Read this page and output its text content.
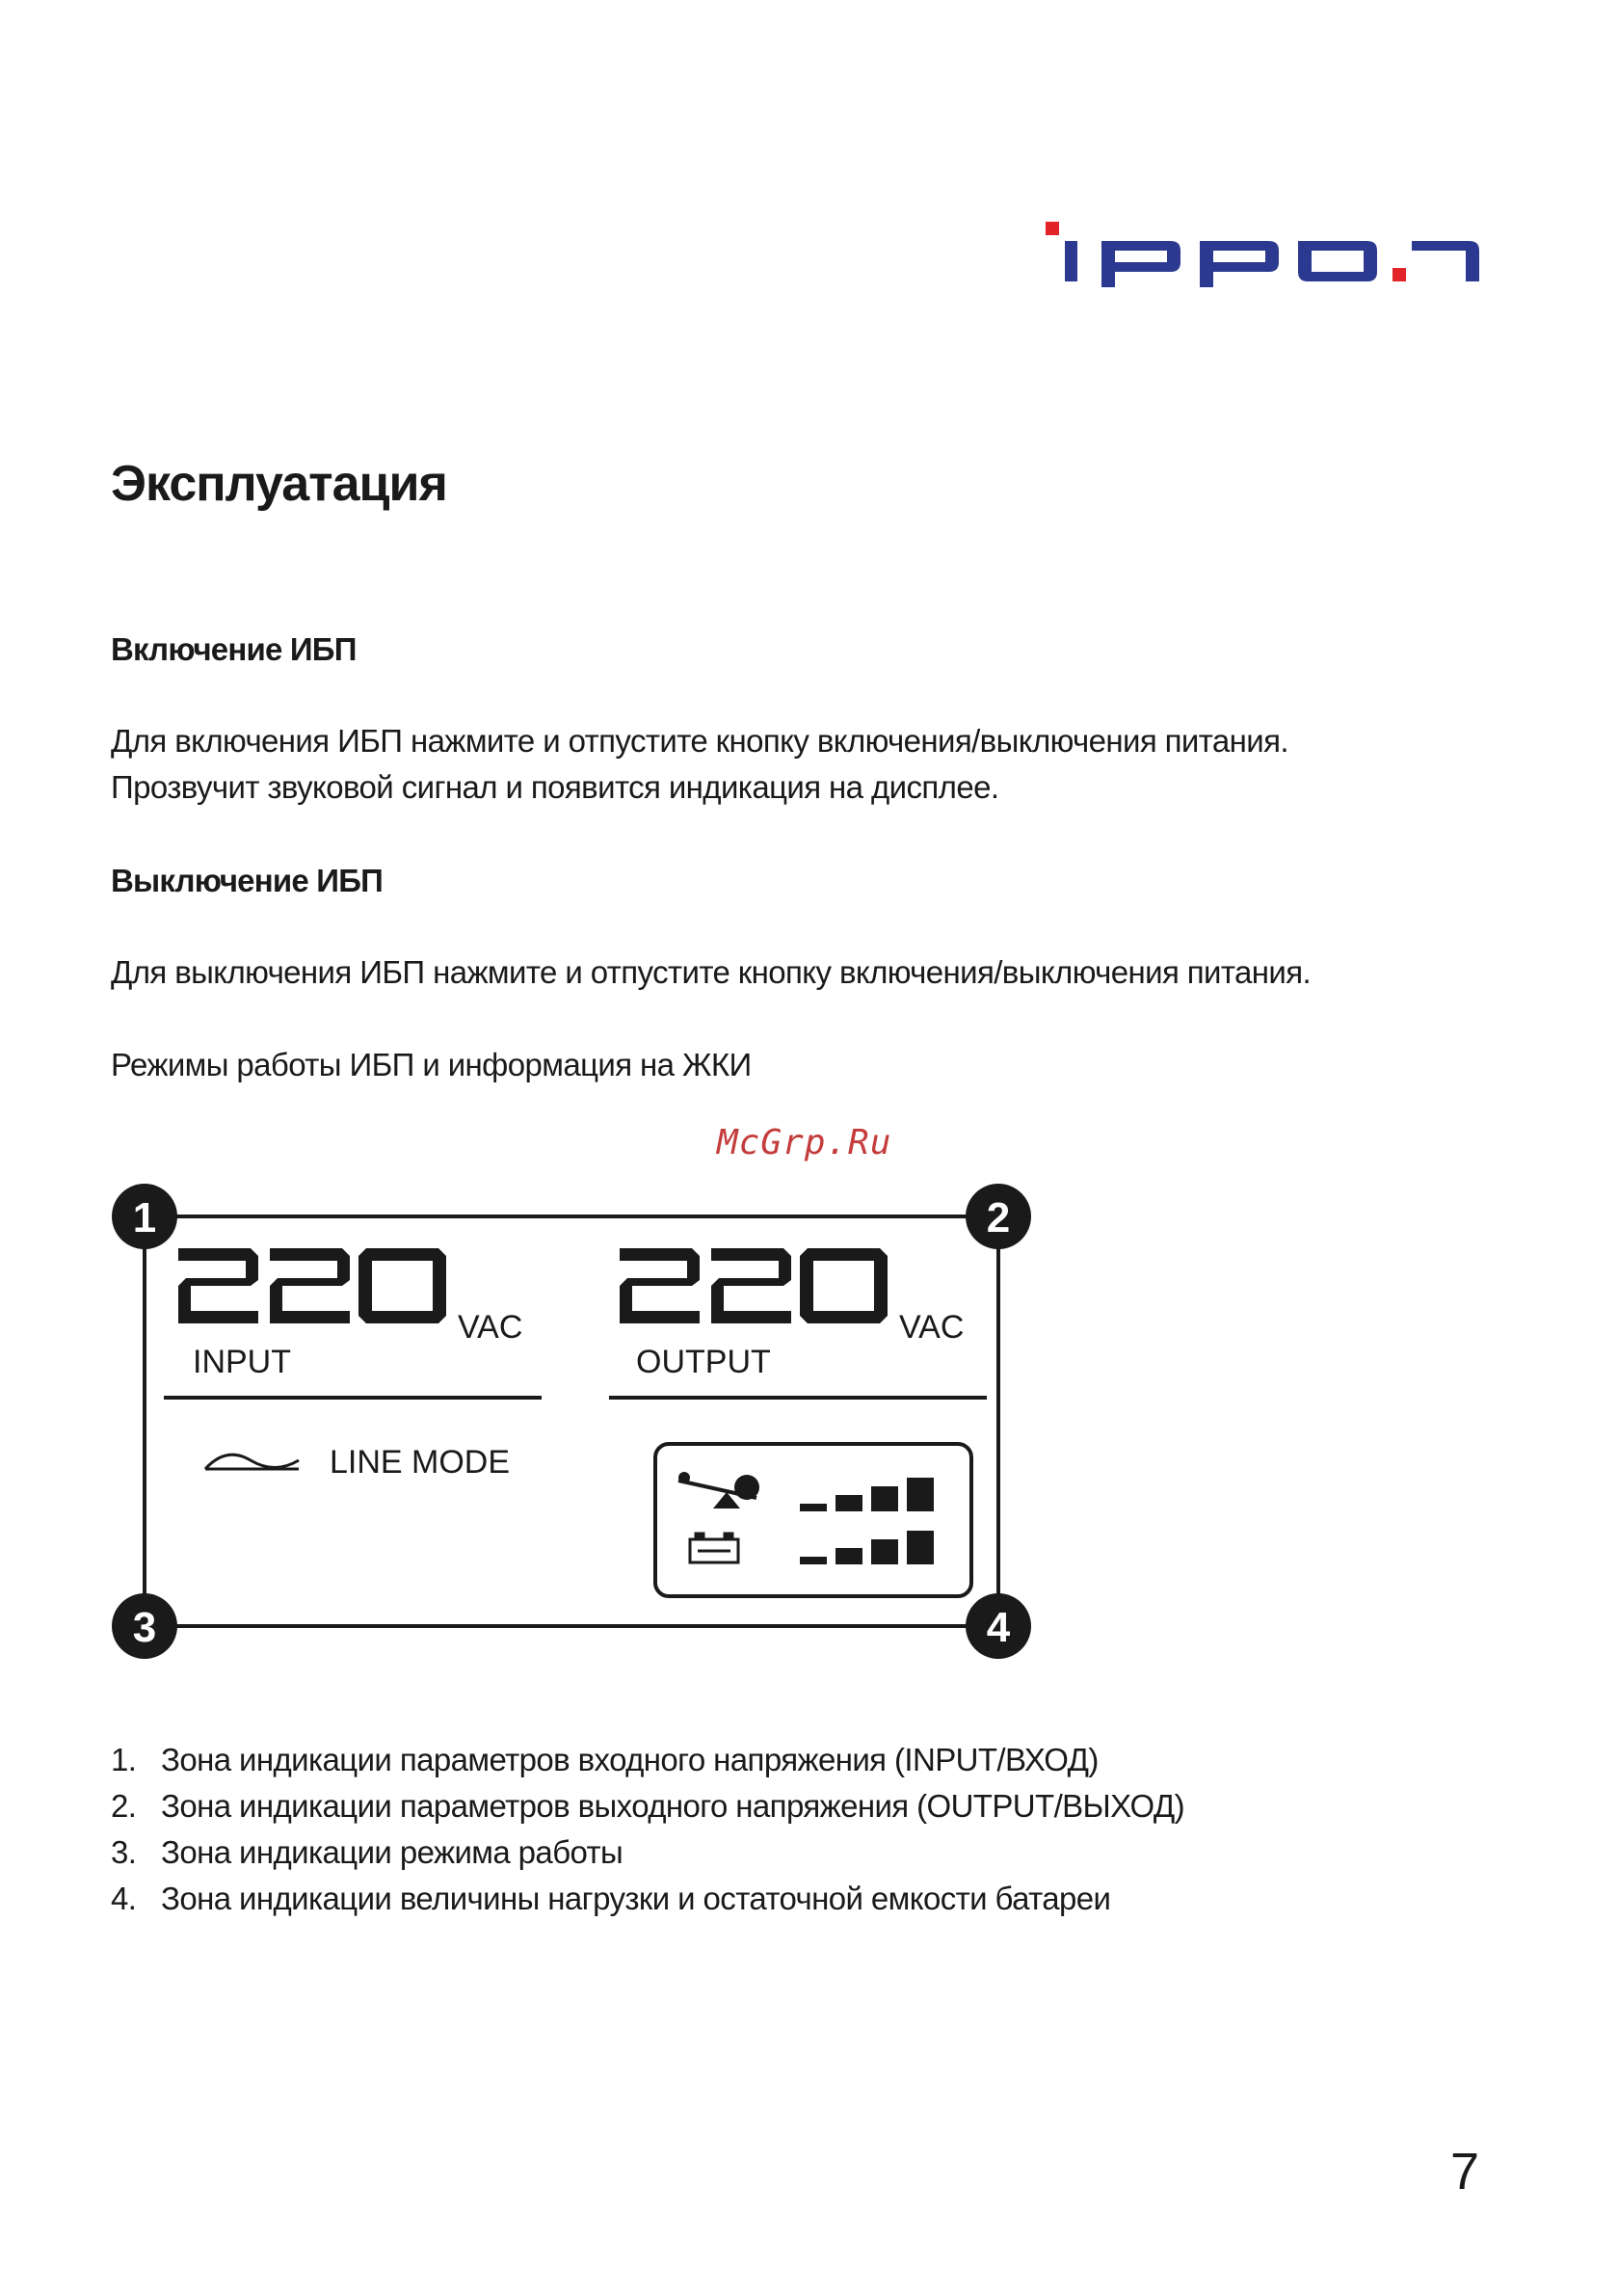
Эксплуатация
Включение ИБП

Для включения ИБП нажмите и отпустите кнопку включения/выключения питания. Прозвучит звуковой сигнал и появится индикация на дисплее.

Выключение ИБП

Для выключения ИБП нажмите и отпустите кнопку включения/выключения питания.

Режимы работы ИБП и информация на ЖКИ

McGrp.Ru
VAC
INPUT
VAC
OUTPUT
LINE MODE
1	2
3	4
1. Зона индикации параметров входного напряжения (INPUT/ВХОД)
2. Зона индикации параметров выходного напряжения (OUTPUT/ВЫХОД)
3. Зона индикации режима работы
4. Зона индикации величины нагрузки и остаточной емкости батареи
7
